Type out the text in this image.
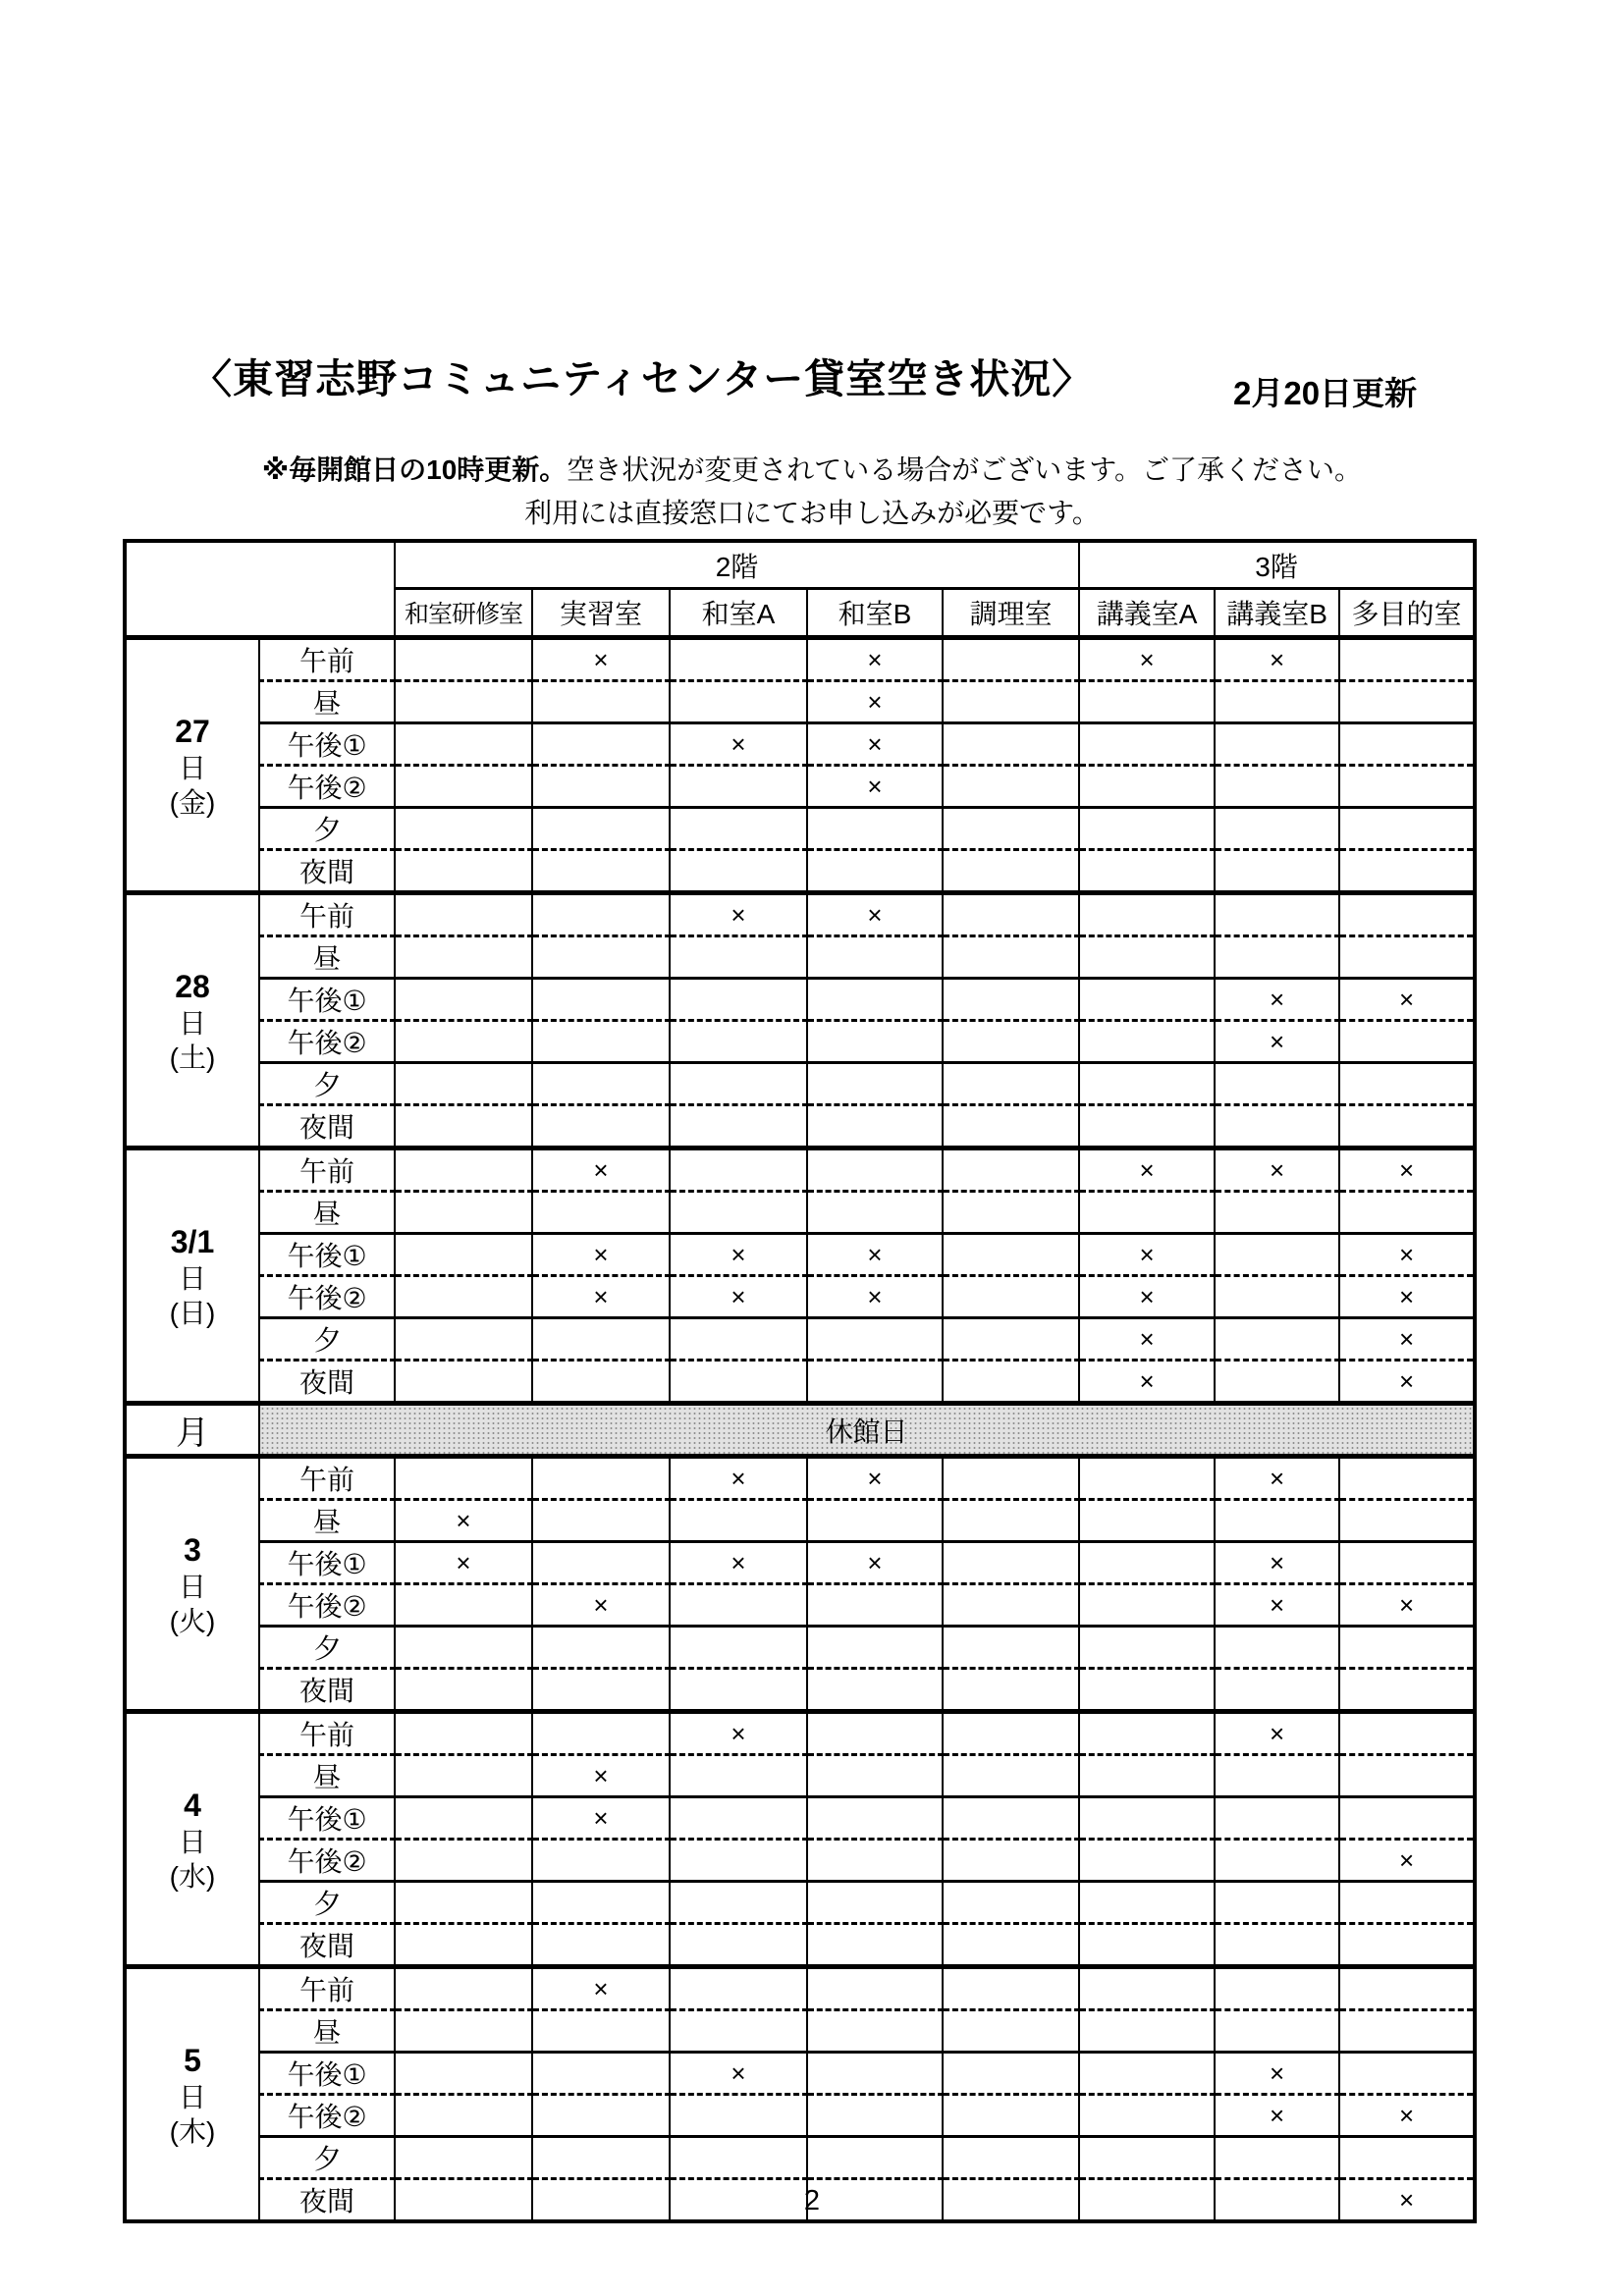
〈東習志野コミュニティセンター貸室空き状況〉	2月20日更新
※毎開館日の10時更新。空き状況が変更されている場合がございます。ご了承ください。
利用には直接窓口にてお申し込みが必要です。
		2階					3階		
		和室研修室	実習室	和室A	和室B	調理室	講義室A	講義室B	多目的室

27
日
(金)	午前		×		×		×	×	
	昼				×				
	午後①			×	×				
	午後②				×				
	夕								
	夜間								

28
日
(土)	午前			×	×				
	昼								
	午後①							×	×
	午後②							×	
	夕								
	夜間								

3/1
日
(日)	午前		×				×	×	×
	昼								
	午後①		×	×	×		×		×
	午後②		×	×	×		×		×
	夕						×		×
	夜間						×		×
月	休館日								

3
日
(火)	午前			×	×			×	
	昼	×							
	午後①	×		×	×			×	
	午後②		×					×	×
	夕								
	夜間								

4
日
(水)	午前			×				×	
	昼		×						
	午後①		×						
	午後②								×
	夕								
	夜間								

5
日
(木)	午前		×						
	昼								
	午後①			×				×	
	午後②							×	×
	夕								
	夜間								×
2
